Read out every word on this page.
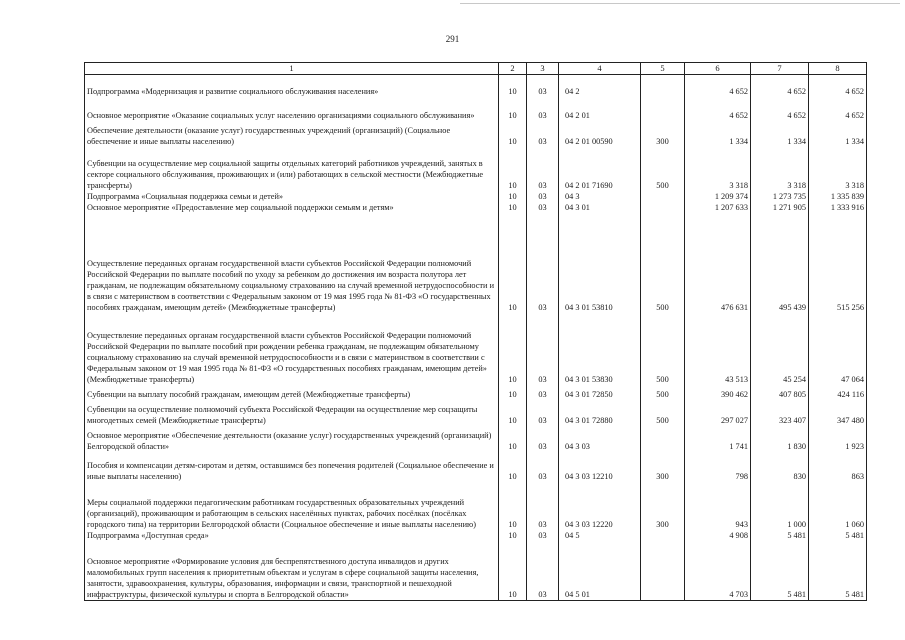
291
1	2	3	4	5	6	7	8
Подпрограмма «Модернизация и развитие социального обслуживания населения»	10	03	04 2		4 652	4 652	4 652
Основное мероприятие «Оказание социальных услуг населению организациями социального обслуживания»	10	03	04 2 01		4 652	4 652	4 652
Обеспечение деятельности (оказание услуг) государственных учреждений (организаций) (Социальное обеспечение и иные выплаты населению)	10	03	04 2 01 00590	300	1 334	1 334	1 334
Субвенции на осуществление мер социальной защиты отдельных категорий работников учреждений, занятых в секторе социального обслуживания, проживающих и (или) работающих в сельской местности (Межбюджетные трансферты)	10	03	04 2 01 71690	500	3 318	3 318	3 318
Подпрограмма «Социальная поддержка семьи и детей»	10	03	04 3		1 209 374	1 273 735	1 335 839
Основное мероприятие «Предоставление мер социальной поддержки семьям и детям»	10	03	04 3 01		1 207 633	1 271 905	1 333 916
Осуществление переданных органам государственной власти субъектов Российской Федерации полномочий Российской Федерации по выплате пособий по уходу за ребенком до достижения им возраста полутора лет гражданам, не подлежащим обязательному социальному страхованию на случай временной нетрудоспособности и в связи с материнством в соответствии с Федеральным законом от 19 мая 1995 года № 81-ФЗ «О государственных пособиях гражданам, имеющим детей» (Межбюджетные трансферты)	10	03	04 3 01 53810	500	476 631	495 439	515 256
Осуществление переданных органам государственной власти субъектов Российской Федерации полномочий Российской Федерации по выплате пособий при рождении ребенка гражданам, не подлежащим обязательному социальному страхованию на случай временной нетрудоспособности и в связи с материнством в соответствии с Федеральным законом от 19 мая 1995 года № 81-ФЗ «О государственных пособиях гражданам, имеющим детей» (Межбюджетные трансферты)	10	03	04 3 01 53830	500	43 513	45 254	47 064
Субвенции на выплату пособий гражданам, имеющим детей (Межбюджетные трансферты)	10	03	04 3 01 72850	500	390 462	407 805	424 116
Субвенции на осуществление полномочий субъекта Российской Федерации на осуществление мер соцзащиты многодетных семей (Межбюджетные трансферты)	10	03	04 3 01 72880	500	297 027	323 407	347 480
Основное мероприятие «Обеспечение деятельности (оказание услуг) государственных учреждений (организаций) Белгородской области»	10	03	04 3 03		1 741	1 830	1 923
Пособия и компенсации детям-сиротам и детям, оставшимся без попечения родителей (Социальное обеспечение и иные выплаты населению)	10	03	04 3 03 12210	300	798	830	863
Меры социальной поддержки педагогическим работникам государственных образовательных учреждений (организаций), проживающим и работающим в сельских населённых пунктах, рабочих посёлках (посёлках городского типа) на территории Белгородской области (Социальное обеспечение и иные выплаты населению)	10	03	04 3 03 12220	300	943	1 000	1 060
Подпрограмма «Доступная среда»	10	03	04 5		4 908	5 481	5 481
Основное мероприятие «Формирование условия для беспрепятственного доступа инвалидов и других маломобильных групп населения к приоритетным объектам и услугам в сфере социальной защиты населения, занятости, здравоохранения, культуры, образования, информации и связи, транспортной и пешеходной инфраструктуры, физической культуры и спорта в Белгородской области»	10	03	04 5 01		4 703	5 481	5 481
